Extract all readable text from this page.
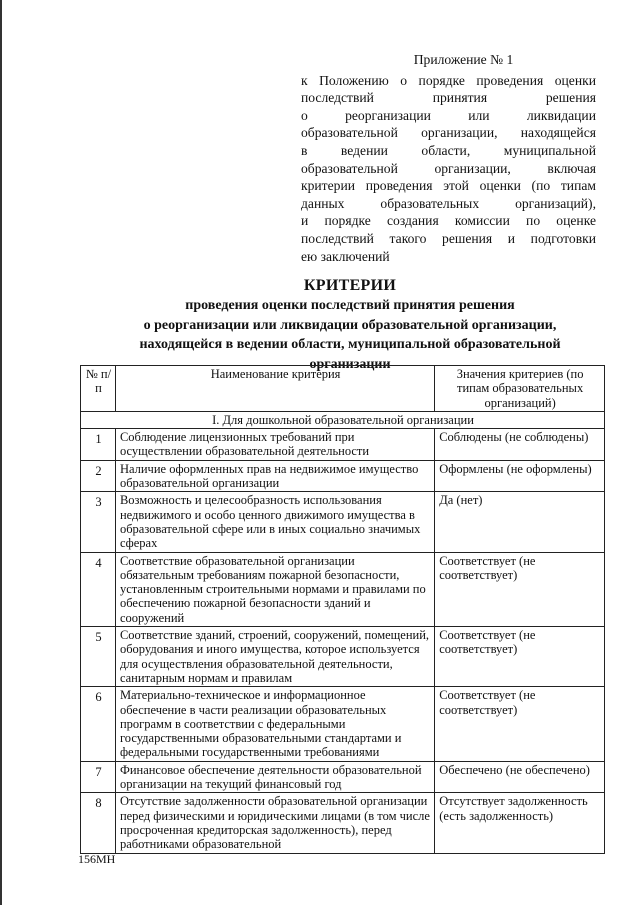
Приложение № 1
к Положению о порядке проведения оценки
последствий принятия решения
о реорганизации или ликвидации
образовательной организации, находящейся
в ведении области, муниципальной
образовательной организации, включая
критерии проведения этой оценки (по типам
данных образовательных организаций),
и порядке создания комиссии по оценке
последствий такого решения и подготовки
ею заключений
КРИТЕРИИ
проведения оценки последствий принятия решения
о реорганизации или ликвидации образовательной организации,
находящейся в ведении области, муниципальной образовательной
организации
№ п/п	Наименование критерия	Значения критериев (по типам образовательных организаций)
I. Для дошкольной образовательной организации		
1	Соблюдение лицензионных требований при осуществлении образовательной деятельности	Соблюдены (не соблюдены)
2	Наличие оформленных прав на недвижимое имущество образовательной организации	Оформлены (не оформлены)
3	Возможность и целесообразность использования недвижимого и особо ценного движимого имущества в образовательной сфере или в иных социально значимых сферах	Да (нет)
4	Соответствие образовательной организации обязательным требованиям пожарной безопасности, установленным строительными нормами и правилами по обеспечению пожарной безопасности зданий и сооружений	Соответствует (не соответствует)
5	Соответствие зданий, строений, сооружений, помещений, оборудования и иного имущества, которое используется для осуществления образовательной деятельности, санитарным нормам и правилам	Соответствует (не соответствует)
6	Материально-техническое и информационное обеспечение в части реализации образовательных программ в соответствии с федеральными государственными образовательными стандартами и федеральными государственными требованиями	Соответствует (не соответствует)
7	Финансовое обеспечение деятельности образовательной организации на текущий финансовый год	Обеспечено (не обеспечено)
8	Отсутствие задолженности образовательной организации перед физическими и юридическими лицами (в том числе просроченная кредиторская задолженность), перед работниками образовательной	Отсутствует задолженность (есть задолженность)
156МН
